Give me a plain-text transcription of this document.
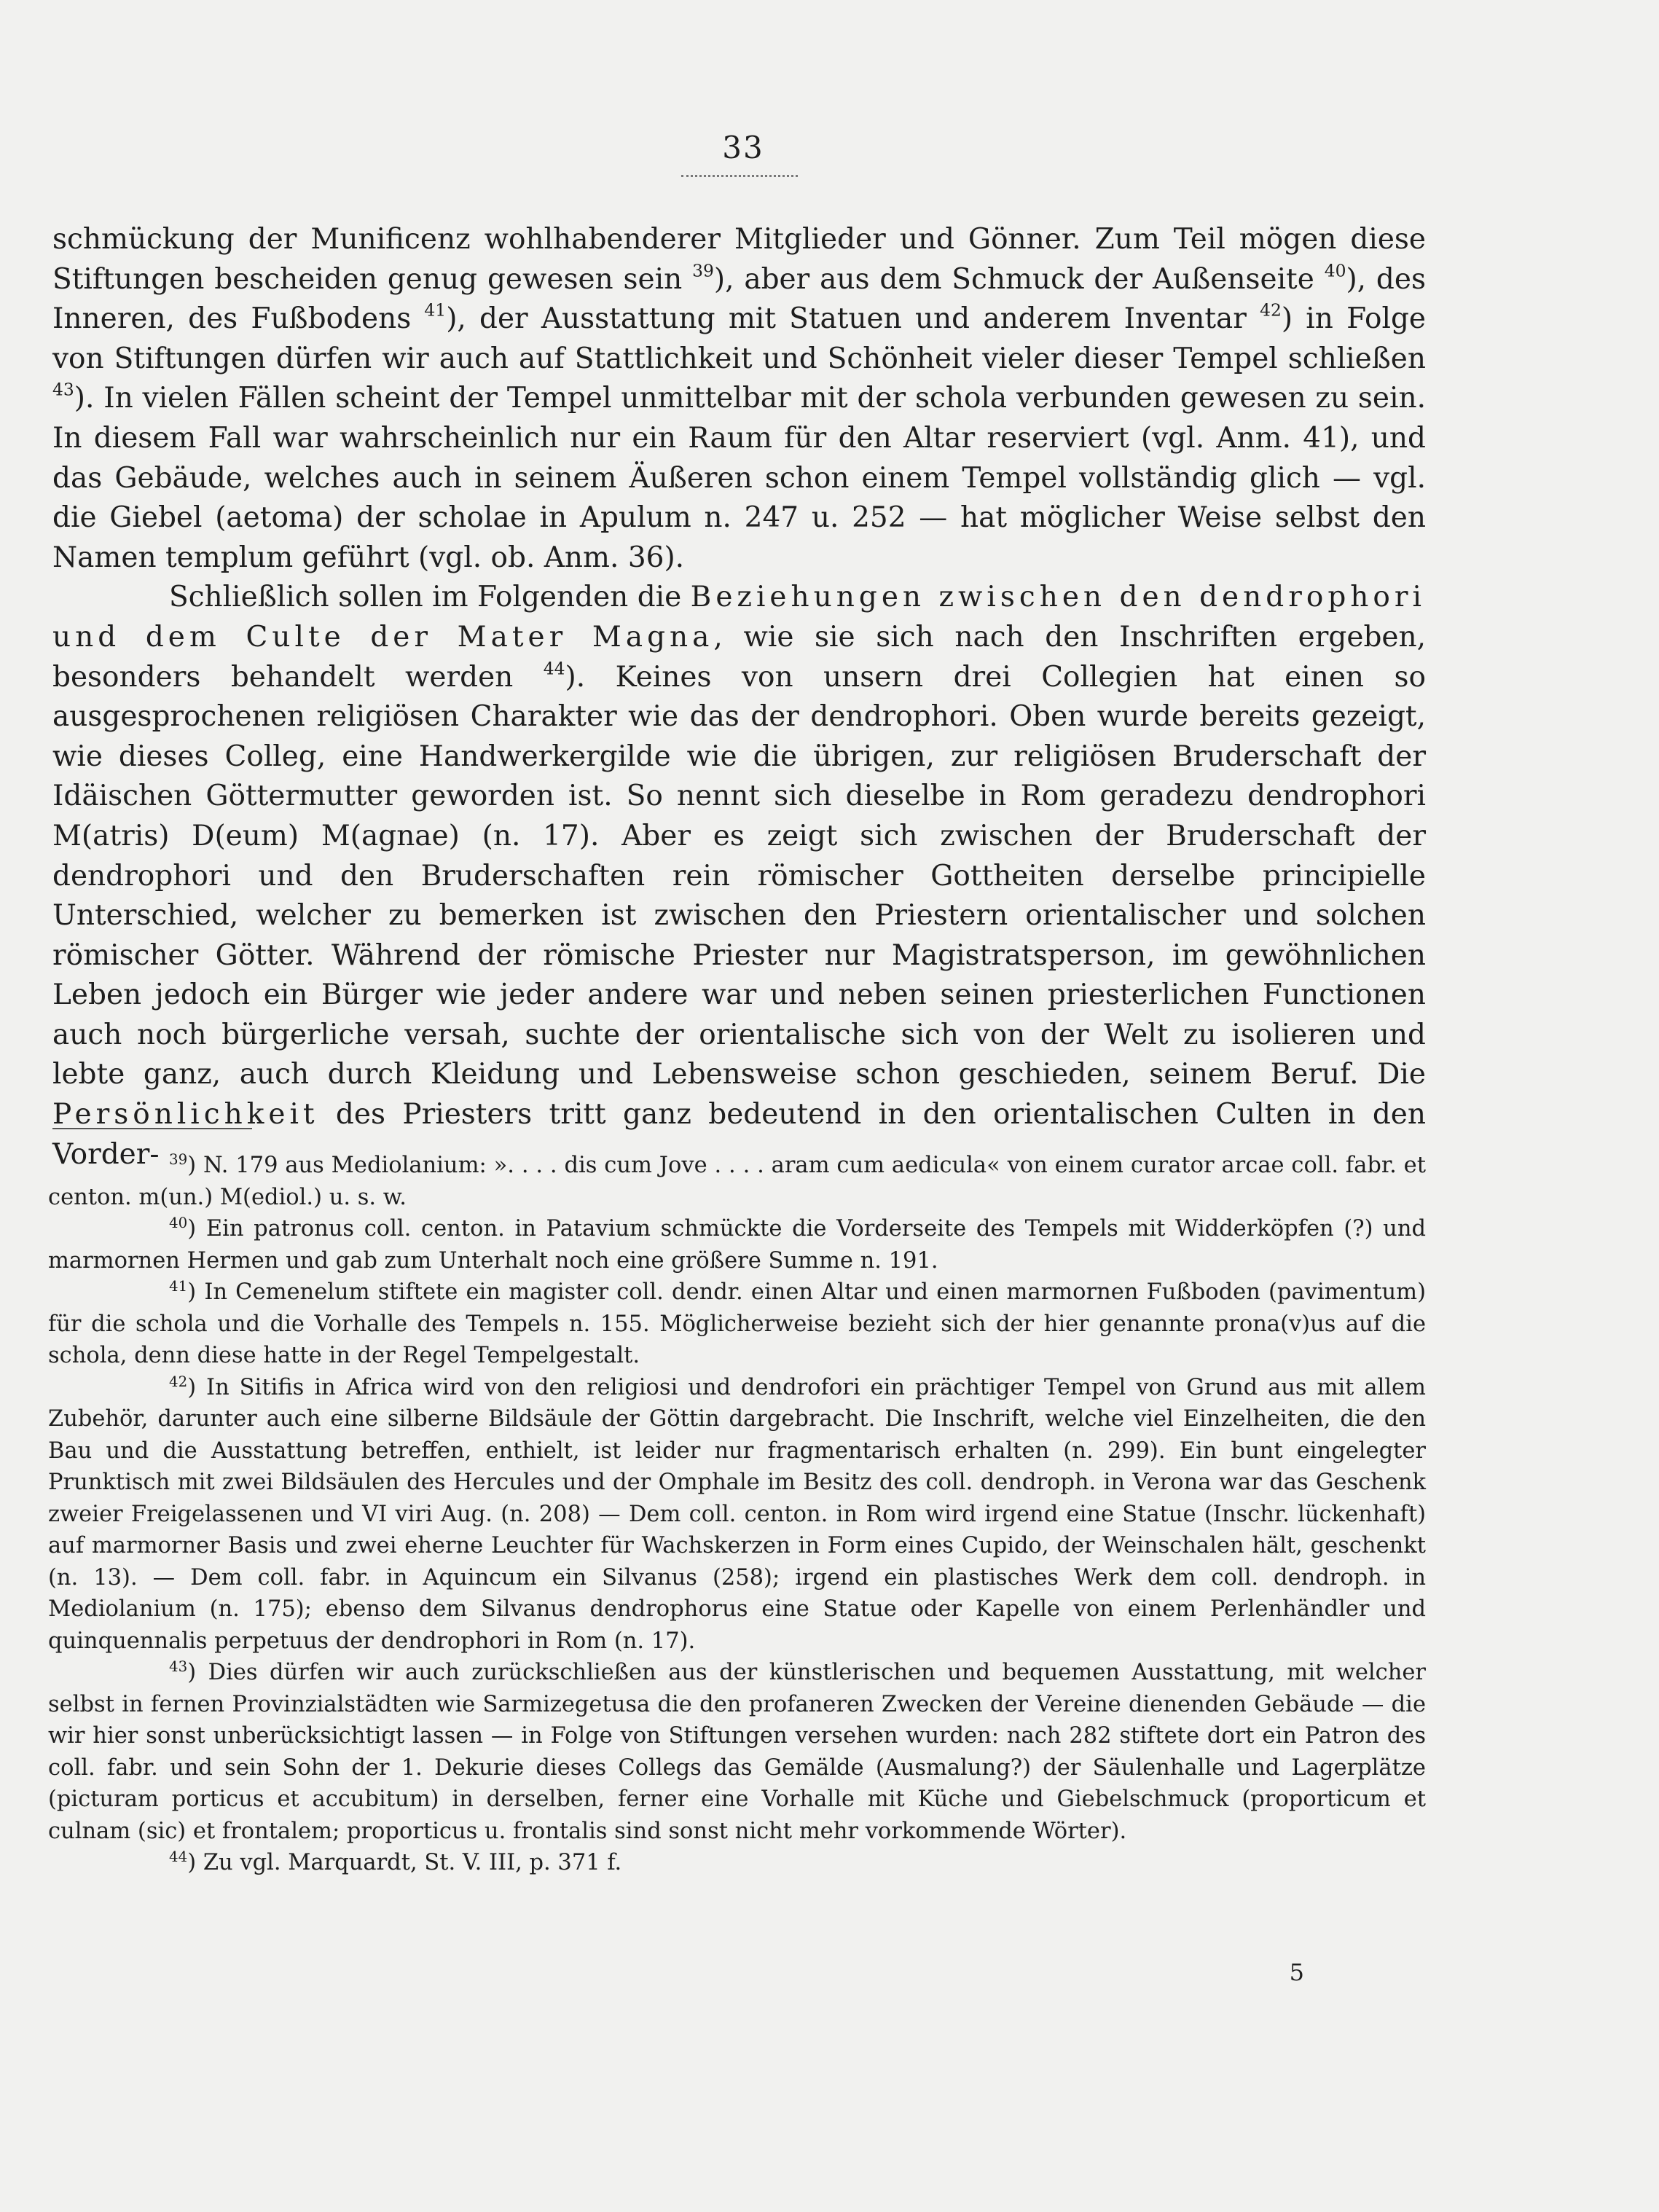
33

schmückung der Munificenz wohlhabenderer Mitglieder und Gönner. Zum Teil mögen diese Stiftungen bescheiden genug gewesen sein $^{39}$), aber aus dem Schmuck der Außenseite $^{40}$), des Inneren, des Fußbodens $^{41}$), der Ausstattung mit Statuen und anderem Inventar $^{42}$) in Folge von Stiftungen dürfen wir auch auf Stattlichkeit und Schönheit vieler dieser Tempel schließen $^{43}$). In vielen Fällen scheint der Tempel unmittelbar mit der schola verbunden gewesen zu sein. In diesem Fall war wahrscheinlich nur ein Raum für den Altar reserviert (vgl. Anm. 41), und das Gebäude, welches auch in seinem Äußeren schon einem Tempel vollständig glich — vgl. die Giebel (aetoma) der scholae in Apulum n. 247 u. 252 — hat möglicher Weise selbst den Namen templum geführt (vgl. ob. Anm. 36).

Schließlich sollen im Folgenden die Beziehungen zwischen den dendrophori und dem Culte der Mater Magna, wie sie sich nach den Inschriften ergeben, besonders behandelt werden $^{44}$). Keines von unsern drei Collegien hat einen so ausgesprochenen religiösen Charakter wie das der dendrophori. Oben wurde bereits gezeigt, wie dieses Colleg, eine Handwerkergilde wie die übrigen, zur religiösen Bruderschaft der Idäischen Göttermutter geworden ist. So nennt sich dieselbe in Rom geradezu dendrophori M(atris) D(eum) M(agnae) (n. 17). Aber es zeigt sich zwischen der Bruderschaft der dendrophori und den Bruderschaften rein römischer Gottheiten derselbe principielle Unterschied, welcher zu bemerken ist zwischen den Priestern orientalischer und solchen römischer Götter. Während der römische Priester nur Magistratsperson, im gewöhnlichen Leben jedoch ein Bürger wie jeder andere war und neben seinen priesterlichen Functionen auch noch bürgerliche versah, suchte der orientalische sich von der Welt zu isolieren und lebte ganz, auch durch Kleidung und Lebensweise schon geschieden, seinem Beruf. Die Persönlichkeit des Priesters tritt ganz bedeutend in den orientalischen Culten in den Vorder- $^{39}$) N. 179 aus Mediolanium: ». . . . dis cum Jove . . . . aram cum aedicula« von einem curator arcae coll. fabr. et centon. m(un.) M(ediol.) u. s. w.

$^{40}$) Ein patronus coll. centon. in Patavium schmückte die Vorderseite des Tempels mit Widderköpfen (?) und marmornen Hermen und gab zum Unterhalt noch eine größere Summe n. 191.

$^{41}$) In Cemenelum stiftete ein magister coll. dendr. einen Altar und einen marmornen Fußboden (pavimentum) für die schola und die Vorhalle des Tempels n. 155. Möglicherweise bezieht sich der hier genannte prona(v)us auf die schola, denn diese hatte in der Regel Tempelgestalt.

$^{42}$) In Sitifis in Africa wird von den religiosi und dendrofori ein prächtiger Tempel von Grund aus mit allem Zubehör, darunter auch eine silberne Bildsäule der Göttin dargebracht. Die Inschrift, welche viel Einzelheiten, die den Bau und die Ausstattung betreffen, enthielt, ist leider nur fragmentarisch erhalten (n. 299). Ein bunt eingelegter Prunktisch mit zwei Bildsäulen des Hercules und der Omphale im Besitz des coll. dendroph. in Verona war das Geschenk zweier Freigelassenen und VI viri Aug. (n. 208) — Dem coll. centon. in Rom wird irgend eine Statue (Inschr. lückenhaft) auf marmorner Basis und zwei eherne Leuchter für Wachskerzen in Form eines Cupido, der Weinschalen hält, geschenkt (n. 13). — Dem coll. fabr. in Aquincum ein Silvanus (258); irgend ein plastisches Werk dem coll. dendroph. in Mediolanium (n. 175); ebenso dem Silvanus dendrophorus eine Statue oder Kapelle von einem Perlenhändler und quinquennalis perpetuus der dendrophori in Rom (n. 17).

$^{43}$) Dies dürfen wir auch zurückschließen aus der künstlerischen und bequemen Ausstattung, mit welcher selbst in fernen Provinzialstädten wie Sarmizegetusa die den profaneren Zwecken der Vereine dienenden Gebäude — die wir hier sonst unberücksichtigt lassen — in Folge von Stiftungen versehen wurden: nach 282 stiftete dort ein Patron des coll. fabr. und sein Sohn der 1. Dekurie dieses Collegs das Gemälde (Ausmalung?) der Säulenhalle und Lagerplätze (picturam porticus et accubitum) in derselben, ferner eine Vorhalle mit Küche und Giebelschmuck (proporticum et culnam (sic) et frontalem; proporticus u. frontalis sind sonst nicht mehr vorkommende Wörter).

$^{44}$) Zu vgl. Marquardt, St. V. III, p. 371 f.

5
